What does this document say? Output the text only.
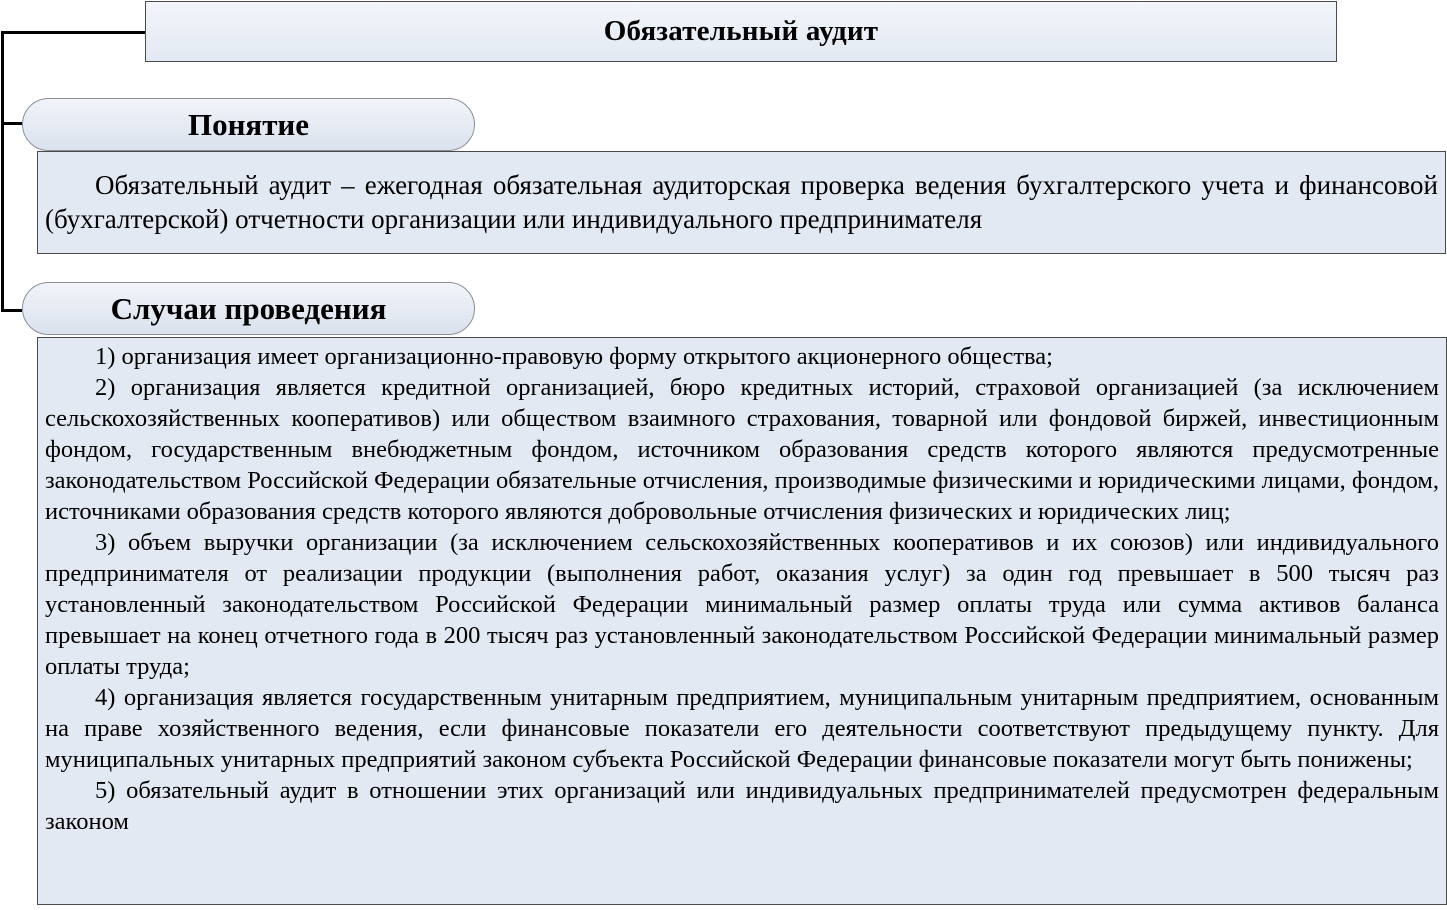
Обязательный аудит
Понятие

Обязательный аудит – ежегодная обязательная аудиторская проверка ведения бухгалтерского учета и финансовой (бухгалтерской) отчетности организации или индивидуального предпринимателя

1) организация имеет организационно-правовую форму открытого акционерного общества;

2) организация является кредитной организацией, бюро кредитных историй, страховой организацией (за исключением сельскохозяйственных кооперативов) или обществом взаимного страхования, товарной или фондовой биржей, инвестиционным фондом, государственным внебюджетным фондом, источником образования средств которого являются предусмотренные законодательством Российской Федерации обязательные отчисления, производимые физическими и юридическими лицами, фондом, источниками образования средств которого являются добровольные отчисления физических и юридических лиц;

3) объем выручки организации (за исключением сельскохозяйственных кооперативов и их союзов) или индивидуального предпринимателя от реализации продукции (выполнения работ, оказания услуг) за один год превышает в 500 тысяч раз установленный законодательством Российской Федерации минимальный размер оплаты труда или сумма активов баланса превышает на конец отчетного года в 200 тысяч раз установленный законодательством Российской Федерации минимальный размер оплаты труда;

4) организация является государственным унитарным предприятием, муниципальным унитарным предприятием, основанным на праве хозяйственного ведения, если финансовые показатели его деятельности соответствуют предыдущему пункту. Для муниципальных унитарных предприятий законом субъекта Российской Федерации финансовые показатели могут быть понижены;

5) обязательный аудит в отношении этих организаций или индивидуальных предпринимателей предусмотрен федеральным законом

Случаи проведения
